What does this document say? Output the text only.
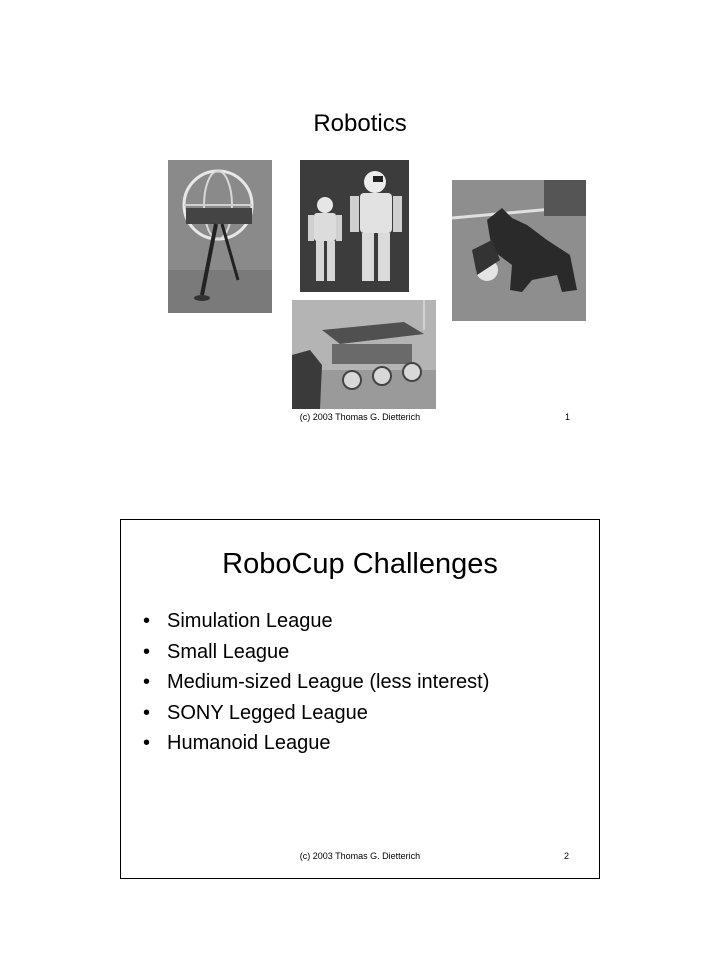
Robotics
(c) 2003 Thomas G. Dietterich	1
RoboCup Challenges
• Simulation League
• Small League
• Medium-sized League (less interest)
• SONY Legged League
• Humanoid League
(c) 2003 Thomas G. Dietterich	2
